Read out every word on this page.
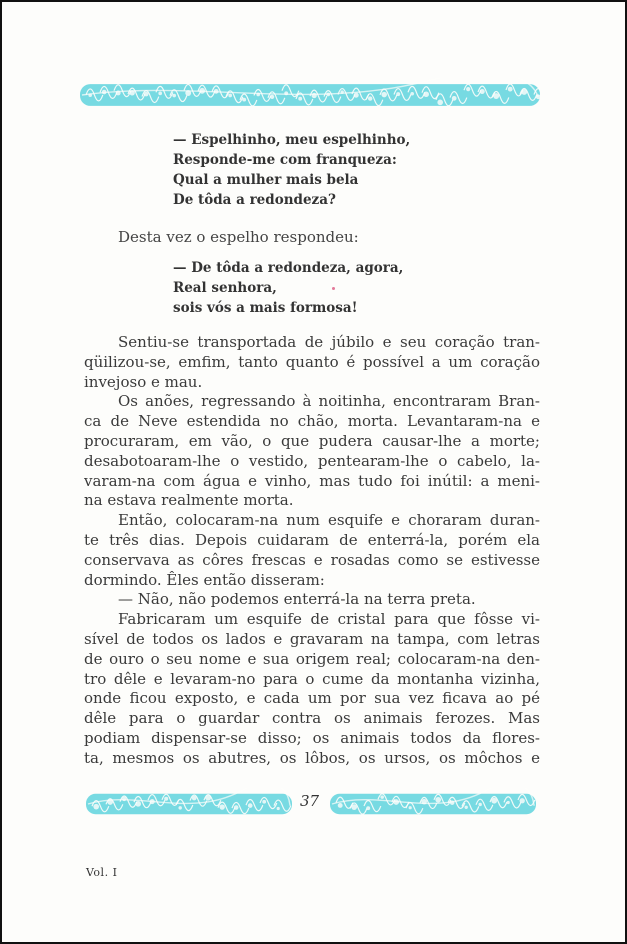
— Espelhinho, meu espelhinho,
Responde-me com franqueza:
Qual a mulher mais bela
De tôda a redondeza?
Desta vez o espelho respondeu:
— De tôda a redondeza, agora,
Real senhora,
sois vós a mais formosa!
Sentiu-se transportada de júbilo e seu coração tran-
qüilizou-se, emfim, tanto quanto é possível a um coração
invejoso e mau.
Os anões, regressando à noitinha, encontraram Bran-
ca de Neve estendida no chão, morta. Levantaram-na e
procuraram, em vão, o que pudera causar-lhe a morte;
desabotoaram-lhe o vestido, pentearam-lhe o cabelo, la-
varam-na com água e vinho, mas tudo foi inútil: a meni-
na estava realmente morta.
Então, colocaram-na num esquife e choraram duran-
te três dias. Depois cuidaram de enterrá-la, porém ela
conservava as côres frescas e rosadas como se estivesse
dormindo. Êles então disseram:
— Não, não podemos enterrá-la na terra preta.
Fabricaram um esquife de cristal para que fôsse vi-
sível de todos os lados e gravaram na tampa, com letras
de ouro o seu nome e sua origem real; colocaram-na den-
tro dêle e levaram-no para o cume da montanha vizinha,
onde ficou exposto, e cada um por sua vez ficava ao pé
dêle para o guardar contra os animais ferozes. Mas
podiam dispensar-se disso; os animais todos da flores-
ta, mesmos os abutres, os lôbos, os ursos, os môchos e
37
Vol. I
